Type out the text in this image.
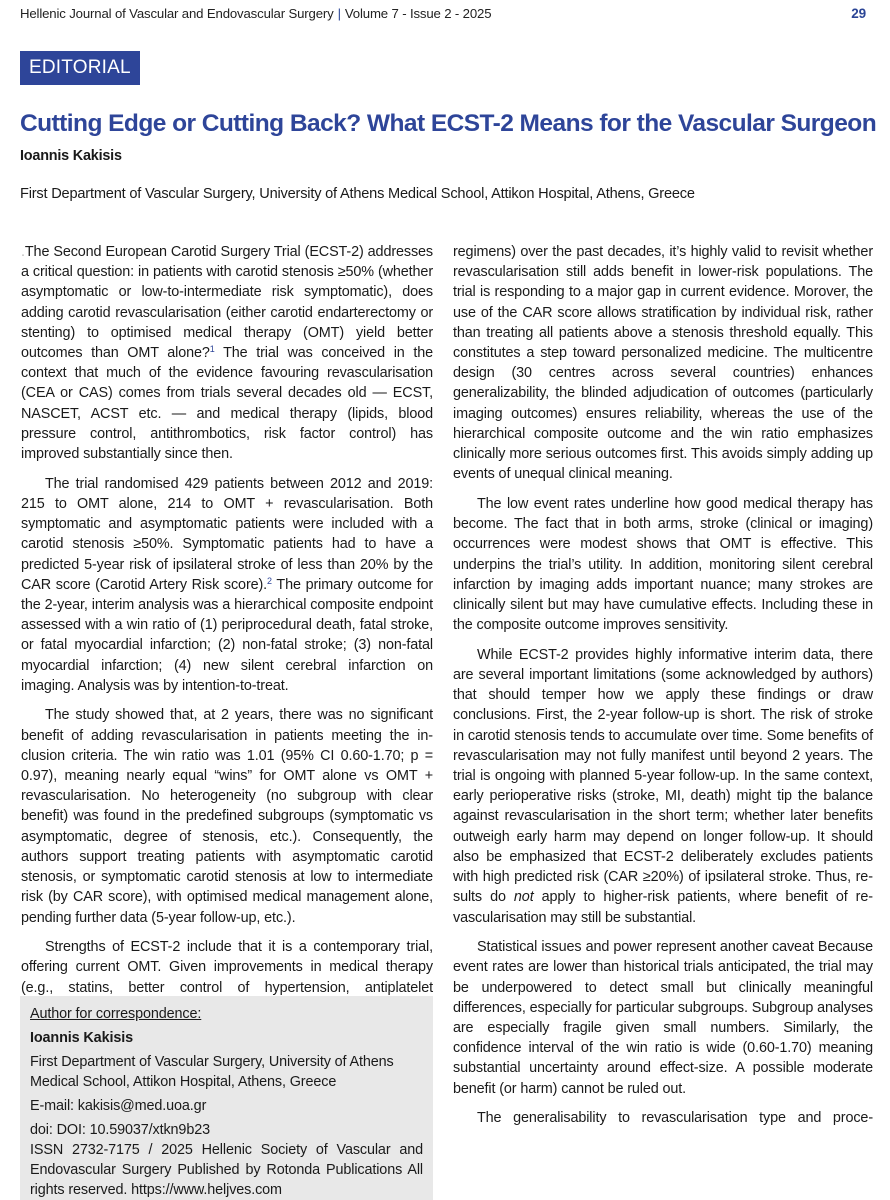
Hellenic Journal of Vascular and Endovascular Surgery | Volume 7 - Issue 2 - 2025	29
EDITORIAL
Cutting Edge or Cutting Back? What ECST-2 Means for the Vascular Surgeon
Ioannis Kakisis
First Department of Vascular Surgery, University of Athens Medical School, Attikon Hospital, Athens, Greece

.The Second European Carotid Surgery Trial (ECST-2) addresses a critical question: in patients with carotid stenosis ≥50% (whether asymptomatic or low-to-intermediate risk symptomatic), does adding carotid revascularisation (either carotid endarterectomy or stenting) to optimised medical therapy (OMT) yield better outcomes than OMT alone?$^1$ The trial was conceived in the context that much of the evidence favouring revascularisation (CEA or CAS) comes from trials several decades old — ECST, NASCET, ACST etc. — and medical therapy (lipids, blood pressure control, antithrombotics, risk factor control) has improved substantially since then.

The trial randomised 429 patients between 2012 and 2019: 215 to OMT alone, 214 to OMT + revascularisation. Both symptomatic and asymptomatic patients were included with a carotid stenosis ≥50%. Symptomatic patients had to have a predicted 5-year risk of ipsilateral stroke of less than 20% by the CAR score (Carotid Artery Risk score).$^2$ The primary outcome for the 2-year, interim analysis was a hierarchical composite endpoint assessed with a win ratio of (1) periprocedural death, fatal stroke, or fatal myocardial infarction; (2) non-fatal stroke; (3) non-fatal myocardial infarction; (4) new silent cerebral infarction on imaging. Analysis was by intention-to-treat.

The study showed that, at 2 years, there was no significant benefit of adding revascularisation in patients meeting the inclusion criteria. The win ratio was 1.01 (95% CI 0.60-1.70; p = 0.97), meaning nearly equal “wins” for OMT alone vs OMT + revascularisation. No heterogeneity (no subgroup with clear benefit) was found in the predefined subgroups (symptomatic vs asymptomatic, degree of stenosis, etc.). Consequently, the authors support treating patients with asymptomatic carotid stenosis, or symptomatic carotid stenosis at low to intermediate risk (by CAR score), with optimised medical management alone, pending further data (5-year follow-up, etc.).

Strengths of ECST-2 include that it is a contemporary trial, offering current OMT. Given improvements in medical therapy (e.g., statins, better control of hypertension, antiplatelet

Author for correspondence:
Ioannis Kakisis
First Department of Vascular Surgery, University of Athens Medical School, Attikon Hospital, Athens, Greece
E-mail: kakisis@med.uoa.gr
doi: DOI: 10.59037/xtkn9b23
ISSN 2732-7175 / 2025 Hellenic Society of Vascular and Endovascular Surgery Published by Rotonda Publications All rights reserved. https://www.heljves.com

regimens) over the past decades, it’s highly valid to revisit whether revascularisation still adds benefit in lower-risk populations. The trial is responding to a major gap in current evidence. Morover, the use of the CAR score allows stratification by individual risk, rather than treating all patients above a stenosis threshold equally. This constitutes a step toward personalized medicine. The multicentre design (30 centres across several countries) enhances generalizability, the blinded adjudication of outcomes (particularly imaging outcomes) ensures reliability, whereas the use of the hierarchical composite outcome and the win ratio emphasizes clinically more serious outcomes first. This avoids simply adding up events of unequal clinical meaning.

The low event rates underline how good medical therapy has become. The fact that in both arms, stroke (clinical or imaging) occurrences were modest shows that OMT is effective. This underpins the trial’s utility. In addition, monitoring silent cerebral infarction by imaging adds important nuance; many strokes are clinically silent but may have cumulative effects. Including these in the composite outcome improves sensitivity.

While ECST-2 provides highly informative interim data, there are several important limitations (some acknowledged by authors) that should temper how we apply these findings or draw conclusions. First, the 2-year follow-up is short. The risk of stroke in carotid stenosis tends to accumulate over time. Some benefits of revascularisation may not fully manifest until beyond 2 years. The trial is ongoing with planned 5-year follow-up. In the same context, early perioperative risks (stroke, MI, death) might tip the balance against revascularisation in the short term; whether later benefits outweigh early harm may depend on longer follow-up. It should also be emphasized that ECST-2 deliberately excludes patients with high predicted risk (CAR ≥20%) of ipsilateral stroke. Thus, results do not apply to higher-risk patients, where benefit of revascularisation may still be substantial.

Statistical issues and power represent another caveat Because event rates are lower than historical trials anticipated, the trial may be underpowered to detect small but clinically meaningful differences, especially for particular subgroups. Subgroup analyses are especially fragile given small numbers. Similarly, the confidence interval of the win ratio is wide (0.60-1.70) meaning substantial uncertainty around effect-size. A possible moderate benefit (or harm) cannot be ruled out.

The generalisability to revascularisation type and proce-
